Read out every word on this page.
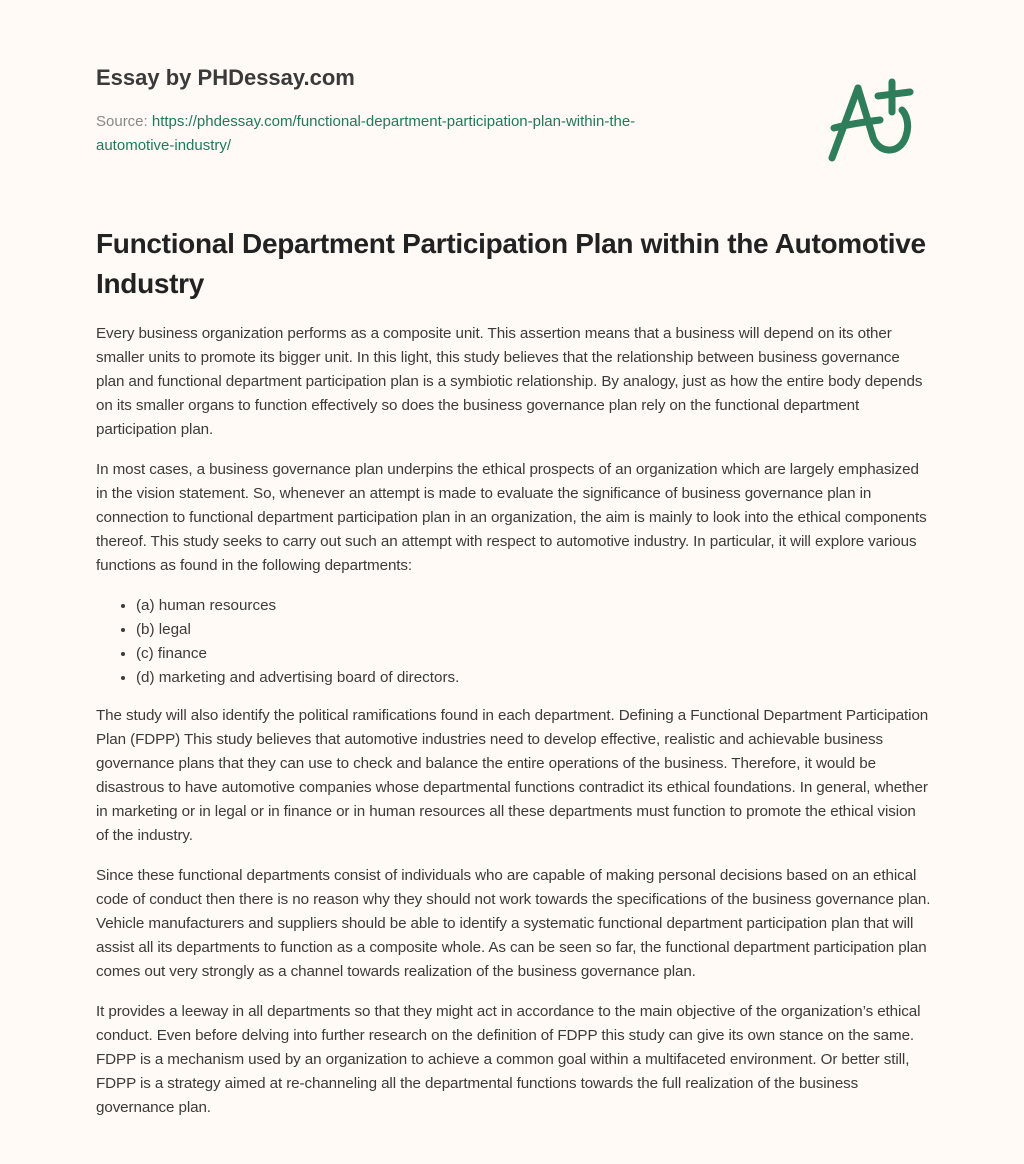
Essay by PHDessay.com
Source: https://phdessay.com/functional-department-participation-plan-within-the-
automotive-industry/
Functional Department Participation Plan within the Automotive Industry

Every business organization performs as a composite unit. This assertion means that a business will depend on its other smaller units to promote its bigger unit. In this light, this study believes that the relationship between business governance plan and functional department participation plan is a symbiotic relationship. By analogy, just as how the entire body depends on its smaller organs to function effectively so does the business governance plan rely on the functional department participation plan.

In most cases, a business governance plan underpins the ethical prospects of an organization which are largely emphasized in the vision statement. So, whenever an attempt is made to evaluate the significance of business governance plan in connection to functional department participation plan in an organization, the aim is mainly to look into the ethical components thereof. This study seeks to carry out such an attempt with respect to automotive industry. In particular, it will explore various functions as found in the following departments:

• (a) human resources
• (b) legal
• (c) finance
• (d) marketing and advertising board of directors.

The study will also identify the political ramifications found in each department. Defining a Functional Department Participation Plan (FDPP) This study believes that automotive industries need to develop effective, realistic and achievable business governance plans that they can use to check and balance the entire operations of the business. Therefore, it would be disastrous to have automotive companies whose departmental functions contradict its ethical foundations. In general, whether in marketing or in legal or in finance or in human resources all these departments must function to promote the ethical vision of the industry.

Since these functional departments consist of individuals who are capable of making personal decisions based on an ethical code of conduct then there is no reason why they should not work towards the specifications of the business governance plan. Vehicle manufacturers and suppliers should be able to identify a systematic functional department participation plan that will assist all its departments to function as a composite whole. As can be seen so far, the functional department participation plan comes out very strongly as a channel towards realization of the business governance plan.

It provides a leeway in all departments so that they might act in accordance to the main objective of the organization’s ethical conduct. Even before delving into further research on the definition of FDPP this study can give its own stance on the same. FDPP is a mechanism used by an organization to achieve a common goal within a multifaceted environment. Or better still, FDPP is a strategy aimed at re-channeling all the departmental functions towards the full realization of the business governance plan.
